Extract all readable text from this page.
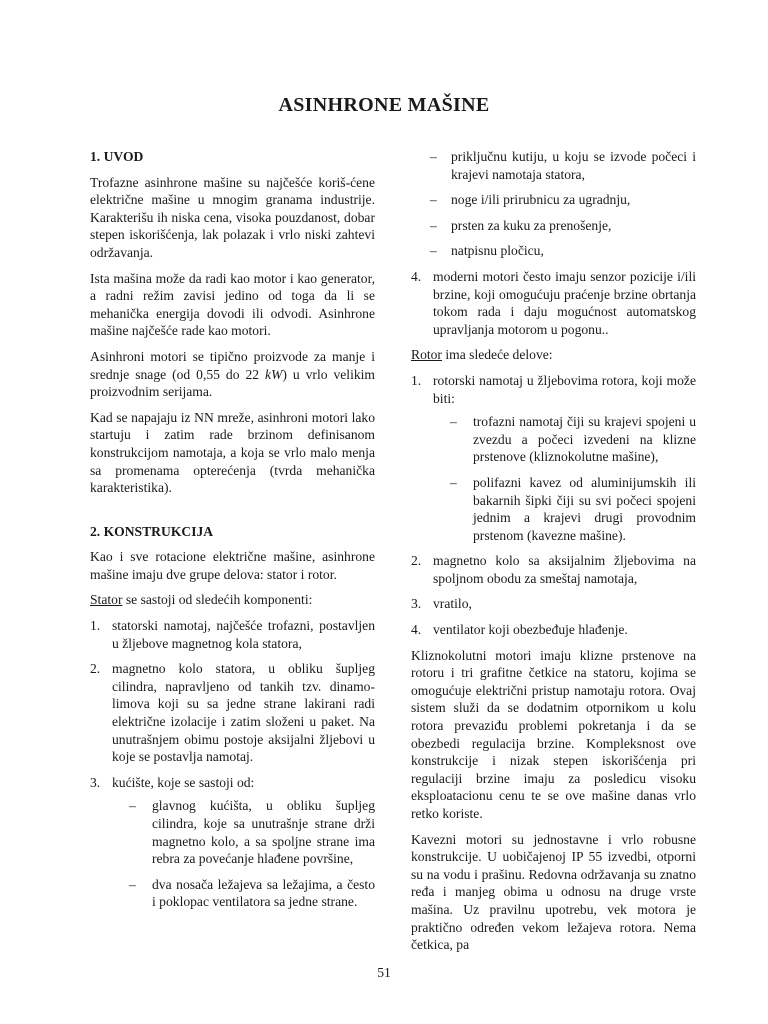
ASINHRONE MAŠINE
1. UVOD

Trofazne asinhrone mašine su najčešće koriš-ćene električne mašine u mnogim granama industrije. Karakterišu ih niska cena, visoka pouzdanost, dobar stepen iskorišćenja, lak polazak i vrlo niski zahtevi održavanja.

Ista mašina može da radi kao motor i kao generator, a radni režim zavisi jedino od toga da li se mehanička energija dovodi ili odvodi. Asinhrone mašine najčešće rade kao motori.

Asinhroni motori se tipično proizvode za manje i srednje snage (od 0,55 do 22 kW) u vrlo velikim proizvodnim serijama.

Kad se napajaju iz NN mreže, asinhroni motori lako startuju i zatim rade brzinom definisanom konstrukcijom namotaja, a koja se vrlo malo menja sa promenama opterećenja (tvrda mehanička karakteristika).

2. KONSTRUKCIJA

Kao i sve rotacione električne mašine, asinhrone mašine imaju dve grupe delova: stator i rotor.

Stator se sastoji od sledećih komponenti:

1. statorski namotaj, najčešće trofazni, postavljen u žljebove magnetnog kola statora,
2. magnetno kolo statora, u obliku šupljeg cilindra, napravljeno od tankih tzv. dinamo-limova koji su sa jedne strane lakirani radi električne izolacije i zatim složeni u paket. Na unutrašnjem obimu postoje aksijalni žljebovi u koje se postavlja namotaj.
3. kućište, koje se sastoji od:
– glavnog kućišta, u obliku šupljeg cilindra, koje sa unutrašnje strane drži magnetno kolo, a sa spoljne strane ima rebra za povećanje hlađene površine,
– dva nosača ležajeva sa ležajima, a često i poklopac ventilatora sa jedne strane.
– priključnu kutiju, u koju se izvode počeci i krajevi namotaja statora,
– noge i/ili prirubnicu za ugradnju,
– prsten za kuku za prenošenje,
– natpisnu pločicu,
4. moderni motori često imaju senzor pozicije i/ili brzine, koji omogućuju praćenje brzine obrtanja tokom rada i daju mogućnost automatskog upravljanja motorom u pogonu..

Rotor ima sledeće delove:

1. rotorski namotaj u žljebovima rotora, koji može biti:
– trofazni namotaj čiji su krajevi spojeni u zvezdu a počeci izvedeni na klizne prstenove (kliznokolutne mašine),
– polifazni kavez od aluminijumskih ili bakarnih šipki čiji su svi počeci spojeni jednim a krajevi drugi provodnim prstenom (kavezne mašine).
2. magnetno kolo sa aksijalnim žljebovima na spoljnom obodu za smeštaj namotaja,
3. vratilo,
4. ventilator koji obezbeđuje hlađenje.

Kliznokolutni motori imaju klizne prstenove na rotoru i tri grafitne četkice na statoru, kojima se omogućuje električni pristup namotaju rotora. Ovaj sistem služi da se dodatnim otpornikom u kolu rotora prevaziđu problemi pokretanja i da se obezbedi regulacija brzine. Kompleksnost ove konstrukcije i nizak stepen iskorišćenja pri regulaciji brzine imaju za posledicu visoku eksploatacionu cenu te se ove mašine danas vrlo retko koriste.

Kavezni motori su jednostavne i vrlo robusne konstrukcije. U uobičajenoj IP 55 izvedbi, otporni su na vodu i prašinu. Redovna održavanja su znatno ređa i manjeg obima u odnosu na druge vrste mašina. Uz pravilnu upotrebu, vek motora je praktično određen vekom ležajeva rotora. Nema četkica, pa

51
